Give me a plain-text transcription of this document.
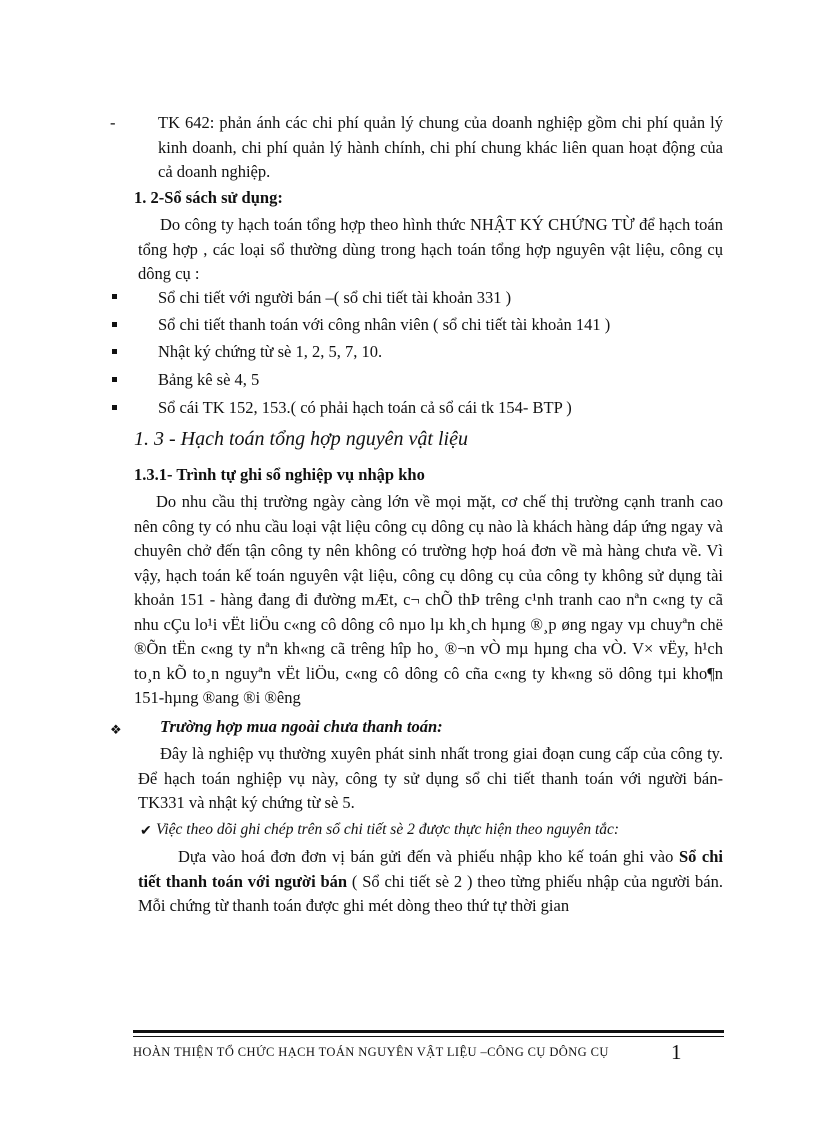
-	TK 642: phản ánh các chi phí quản lý chung của doanh nghiệp gồm chi phí quản lý kinh doanh, chi phí quản lý hành chính, chi phí chung khác liên quan hoạt động của cả doanh nghiệp.
1. 2-Sổ sách sử dụng:
Do công ty hạch toán tổng hợp theo hình thức NHẬT KÝ CHỨNG TỪ để hạch toán tổng hợp , các loại sổ thường dùng trong hạch toán tổng hợp nguyên vật liệu, công cụ dông cụ :
Sổ chi tiết với người bán –( sổ chi tiết tài khoản 331 )
Sổ chi tiết thanh toán với công nhân viên ( sổ chi tiết tài khoản 141 )
Nhật ký chứng từ sè 1, 2, 5, 7, 10.
Bảng kê sè 4, 5
Sổ cái TK 152, 153.( có phải hạch toán cả sổ cái tk 154- BTP )
1. 3 - Hạch toán tổng hợp nguyên vật liệu
1.3.1- Trình tự ghi sổ nghiệp vụ nhập kho
Do nhu cầu thị trường ngày càng lớn về mọi mặt, cơ chế thị trường cạnh tranh cao nên công ty có nhu cầu loại vật liệu công cụ dông cụ nào là khách hàng dáp ứng ngay và chuyên chở đến tận công ty nên không có trường hợp hoá đơn về mà hàng chưa về. Vì vậy, hạch toán kế toán nguyên vật liệu, công cụ dông cụ của công ty không sử dụng tài khoản 151 - hàng đang đi đường mÆt, c¬ chÕ thÞ trêng c¹nh tranh cao nªn c«ng ty cã nhu cÇu lo¹i vËt liÖu c«ng cô dông cô nµo lµ kh¸ch hµng ®¸p øng ngay vµ chuyªn chë ®Õn tËn c«ng ty nªn kh«ng cã trêng hîp ho¸ ®¬n vÒ mµ hµng cha vÒ. V× vËy, h¹ch to¸n kÕ to¸n nguyªn vËt liÖu, c«ng cô dông cô cña c«ng ty kh«ng sö dông tµi kho¶n 151-hµng ®ang ®i ®êng
❖ Trường hợp mua ngoài chưa thanh toán:
Đây là nghiệp vụ thường xuyên phát sinh nhất trong giai đoạn cung cấp của công ty. Để hạch toán nghiệp vụ này, công ty sử dụng sổ chi tiết thanh toán với người bán- TK331 và nhật ký chứng từ sè 5.
✔ Việc theo dõi ghi chép trên sổ chi tiết sè 2 được thực hiện theo nguyên tắc:
Dựa vào hoá đơn đơn vị bán gửi đến và phiếu nhập kho kế toán ghi vào Sổ chi tiết thanh toán với người bán ( Sổ chi tiết sè 2 ) theo từng phiếu nhập của người bán. Mỗi chứng từ thanh toán được ghi mét dòng theo thứ tự thời gian
HOÀN THIỆN TỔ CHỨC HẠCH TOÁN NGUYÊN VẬT LIỆU –CÔNG CỤ DÔNG CỤ	1
